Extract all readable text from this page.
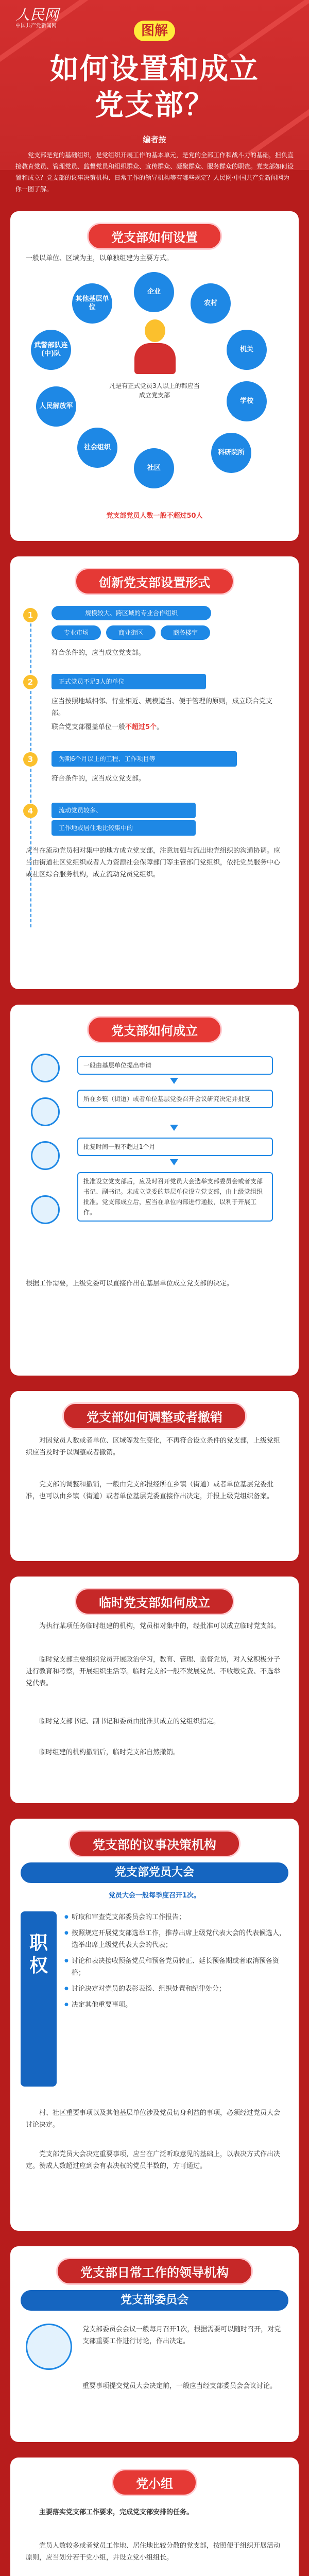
人民网
中国共产党新闻网	图解
如何设置和成立
党支部？
编者按
党支部是党的基础组织，是党组织开展工作的基本单元，是党的全部工作和战斗力的基础，担负直接教育党员、管理党员、监督党员和组织群众、宣传群众、凝聚群众、服务群众的职责。党支部如何设置和成立？党支部的议事决策机构、日常工作的领导机构等有哪些规定？人民网·中国共产党新闻网为你一图了解。
党支部如何设置
一般以单位、区域为主，以单独组建为主要方式。
企业
农村
机关
学校
科研院所
社区
社会组织
人民解放军
武警部队连(中)队
其他基层单位
凡是有正式党员3人以上的都应当成立党支部
党支部党员人数一般不超过50人
创新党支部设置形式
1	规模较大、跨区域的专业合作组织
专业市场	商业街区	商务楼宇
符合条件的，应当成立党支部。
2	正式党员不足3人的单位
应当按照地域相邻、行业相近、规模适当、便于管理的原则，成立联合党支部。
联合党支部覆盖单位一般不超过5个。
3	为期6个月以上的工程、工作项目等
符合条件的，应当成立党支部。
4	流动党员较多、
工作地或居住地比较集中的
应当在流动党员相对集中的地方成立党支部，注意加强与流出地党组织的沟通协调。应当由街道社区党组织或者人力资源社会保障部门等主管部门党组织，依托党员服务中心或社区综合服务机构，成立流动党员党组织。
党支部如何成立
一般由基层单位提出申请
所在乡镇（街道）或者单位基层党委召开会议研究决定并批复
批复时间一般不超过1个月
批准设立党支部后，应及时召开党员大会选举支部委员会或者支部书记、副书记。未成立党委的基层单位设立党支部，由上级党组织批准。党支部成立后，应当在单位内部进行通报，以利于开展工作。
根据工作需要，上级党委可以直接作出在基层单位成立党支部的决定。
党支部如何调整或者撤销
对因党员人数或者单位、区域等发生变化，不再符合设立条件的党支部，上级党组织应当及时予以调整或者撤销。
党支部的调整和撤销，一般由党支部报经所在乡镇（街道）或者单位基层党委批准，也可以由乡镇（街道）或者单位基层党委直接作出决定，并报上级党组织备案。
临时党支部如何成立
为执行某项任务临时组建的机构，党员相对集中的，经批准可以成立临时党支部。
临时党支部主要组织党员开展政治学习，教育、管理、监督党员，对入党积极分子进行教育和考察，开展组织生活等。临时党支部一般不发展党员、不收缴党费、不选举党代表。
临时党支部书记、副书记和委员由批准其成立的党组织指定。
临时组建的机构撤销后，临时党支部自然撤销。
党支部的议事决策机构
党支部党员大会
党员大会一般每季度召开1次。
职权
● 听取和审查党支部委员会的工作报告；
● 按照规定开展党支部选举工作，推荐出席上级党代表大会的代表候选人，选举出席上级党代表大会的代表；
● 讨论和表决接收预备党员和预备党员转正、延长预备期或者取消预备资格；
● 讨论决定对党员的表彰表扬、组织处置和纪律处分；
● 决定其他重要事项。
村、社区重要事项以及其他基层单位涉及党员切身利益的事项，必须经过党员大会讨论决定。
党支部党员大会决定重要事项，应当在广泛听取意见的基础上，以表决方式作出决定。赞成人数超过应到会有表决权的党员半数的，方可通过。
党支部日常工作的领导机构
党支部委员会
党支部委员会会议一般每月召开1次，根据需要可以随时召开，对党支部重要工作进行讨论，作出决定。
重要事项提交党员大会决定前，一般应当经支部委员会会议讨论。
党小组
主要落实党支部工作要求，完成党支部安排的任务。
党员人数较多或者党员工作地、居住地比较分散的党支部，按照便于组织开展活动原则，应当划分若干党小组，并设立党小组组长。
